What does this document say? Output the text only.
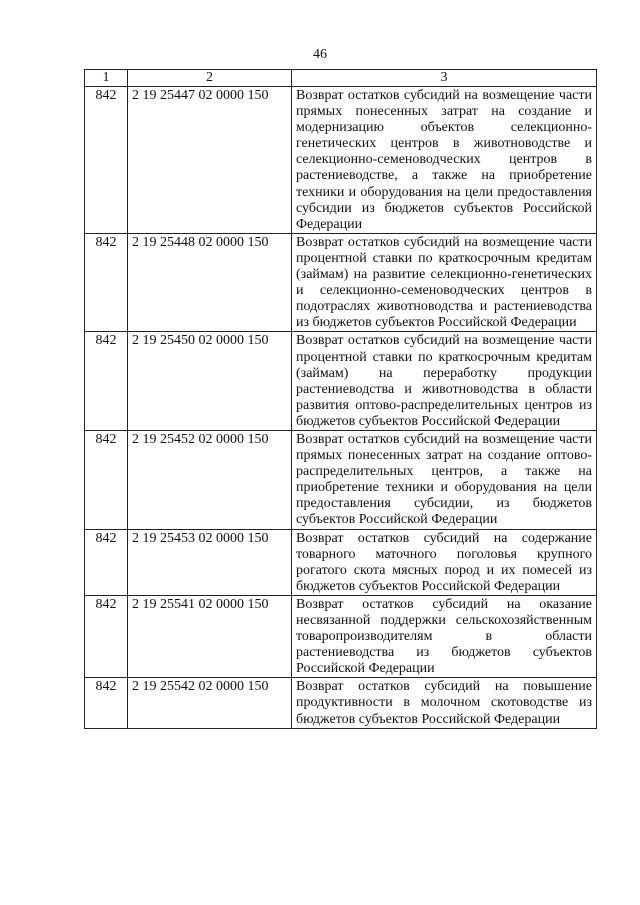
46
1	2	3
842	2 19 25447 02 0000 150	Возврат остатков субсидий на возмещение части прямых понесенных затрат на создание и модернизацию объектов селекционно-генетических центров в животноводстве и селекционно-семеноводческих центров в растениеводстве, а также на приобретение техники и оборудования на цели предоставления субсидии из бюджетов субъектов Российской Федерации
842	2 19 25448 02 0000 150	Возврат остатков субсидий на возмещение части процентной ставки по краткосрочным кредитам (займам) на развитие селекционно-генетических и селекционно-семеноводческих центров в подотраслях животноводства и растениеводства из бюджетов субъектов Российской Федерации
842	2 19 25450 02 0000 150	Возврат остатков субсидий на возмещение части процентной ставки по краткосрочным кредитам (займам) на переработку продукции растениеводства и животноводства в области развития оптово-распределительных центров из бюджетов субъектов Российской Федерации
842	2 19 25452 02 0000 150	Возврат остатков субсидий на возмещение части прямых понесенных затрат на создание оптово-распределительных центров, а также на приобретение техники и оборудования на цели предоставления субсидии, из бюджетов субъектов Российской Федерации
842	2 19 25453 02 0000 150	Возврат остатков субсидий на содержание товарного маточного поголовья крупного рогатого скота мясных пород и их помесей из бюджетов субъектов Российской Федерации
842	2 19 25541 02 0000 150	Возврат остатков субсидий на оказание несвязанной поддержки сельскохозяйственным товаропроизводителям в области растениеводства из бюджетов субъектов Российской Федерации
842	2 19 25542 02 0000 150	Возврат остатков субсидий на повышение продуктивности в молочном скотоводстве из бюджетов субъектов Российской Федерации
